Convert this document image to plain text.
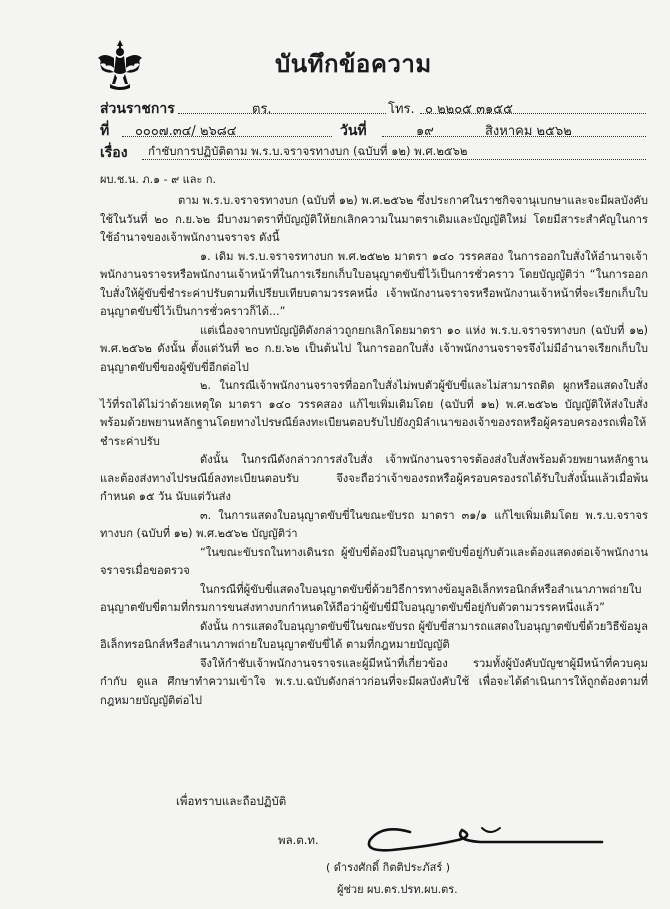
บันทึกข้อความ
ส่วนราชการ	ตร.	โทร. ๐ ๒๒๐๕ ๓๑๕๕
ที่ ๐๐๐๗.๓๔/ ๒๖๘๔	วันที่	๑๙	สิงหาคม ๒๕๖๒
เรื่อง กำชับการปฏิบัติตาม พ.ร.บ.จราจรทางบก (ฉบับที่ ๑๒) พ.ศ.๒๕๖๒
ผบ.ช.น. ภ.๑ - ๙ และ ก.

ตาม พ.ร.บ.จราจรทางบก (ฉบับที่ ๑๒) พ.ศ.๒๕๖๒ ซึ่งประกาศในราชกิจจานุเบกษาและจะมีผลบังคับใช้ในวันที่ ๒๐ ก.ย.๖๒ มีบางมาตราที่บัญญัติให้ยกเลิกความในมาตราเดิมและบัญญัติใหม่ โดยมีสาระสำคัญในการใช้อำนาจของเจ้าพนักงานจราจร ดังนี้

๑. เดิม พ.ร.บ.จราจรทางบก พ.ศ.๒๕๒๒ มาตรา ๑๔๐ วรรคสอง ในการออกใบสั่งให้อำนาจเจ้าพนักงานจราจรหรือพนักงานเจ้าหน้าที่ในการเรียกเก็บใบอนุญาตขับขี่ไว้เป็นการชั่วคราว โดยบัญญัติว่า “ในการออกใบสั่งให้ผู้ขับขี่ชำระค่าปรับตามที่เปรียบเทียบตามวรรคหนึ่ง เจ้าพนักงานจราจรหรือพนักงานเจ้าหน้าที่จะเรียกเก็บใบอนุญาตขับขี่ไว้เป็นการชั่วคราวก็ได้...”

แต่เนื่องจากบทบัญญัติดังกล่าวถูกยกเลิกโดยมาตรา ๑๐ แห่ง พ.ร.บ.จราจรทางบก (ฉบับที่ ๑๒) พ.ศ.๒๕๖๒ ดังนั้น ตั้งแต่วันที่ ๒๐ ก.ย.๖๒ เป็นต้นไป ในการออกใบสั่ง เจ้าพนักงานจราจรจึงไม่มีอำนาจเรียกเก็บใบอนุญาตขับขี่ของผู้ขับขี่อีกต่อไป

๒. ในกรณีเจ้าพนักงานจราจรที่ออกใบสั่งไม่พบตัวผู้ขับขี่และไม่สามารถติด ผูกหรือแสดงใบสั่งไว้ที่รถได้ไม่ว่าด้วยเหตุใด มาตรา ๑๔๐ วรรคสอง แก้ไขเพิ่มเติมโดย (ฉบับที่ ๑๒) พ.ศ.๒๕๖๒ บัญญัติให้ส่งใบสั่งพร้อมด้วยพยานหลักฐานโดยทางไปรษณีย์ลงทะเบียนตอบรับไปยังภูมิลำเนาของเจ้าของรถหรือผู้ครอบครองรถเพื่อให้ชำระค่าปรับ

ดังนั้น ในกรณีดังกล่าวการส่งใบสั่ง เจ้าพนักงานจราจรต้องส่งใบสั่งพร้อมด้วยพยานหลักฐาน และต้องส่งทางไปรษณีย์ลงทะเบียนตอบรับ จึงจะถือว่าเจ้าของรถหรือผู้ครอบครองรถได้รับใบสั่งนั้นแล้วเมื่อพ้นกำหนด ๑๕ วัน นับแต่วันส่ง

๓. ในการแสดงใบอนุญาตขับขี่ในขณะขับรถ มาตรา ๓๑/๑ แก้ไขเพิ่มเติมโดย พ.ร.บ.จราจรทางบก (ฉบับที่ ๑๒) พ.ศ.๒๕๖๒ บัญญัติว่า

“ในขณะขับรถในทางเดินรถ ผู้ขับขี่ต้องมีใบอนุญาตขับขี่อยู่กับตัวและต้องแสดงต่อเจ้าพนักงานจราจรเมื่อขอตรวจ

ในกรณีที่ผู้ขับขี่แสดงใบอนุญาตขับขี่ด้วยวิธีการทางข้อมูลอิเล็กทรอนิกส์หรือสำเนาภาพถ่ายใบอนุญาตขับขี่ตามที่กรมการขนส่งทางบกกำหนดให้ถือว่าผู้ขับขี่มีใบอนุญาตขับขี่อยู่กับตัวตามวรรคหนึ่งแล้ว”

ดังนั้น การแสดงใบอนุญาตขับขี่ในขณะขับรถ ผู้ขับขี่สามารถแสดงใบอนุญาตขับขี่ด้วยวิธีข้อมูลอิเล็กทรอนิกส์หรือสำเนาภาพถ่ายใบอนุญาตขับขี่ได้ ตามที่กฎหมายบัญญัติ

จึงให้กำชับเจ้าพนักงานจราจรและผู้มีหน้าที่เกี่ยวข้อง รวมทั้งผู้บังคับบัญชาผู้มีหน้าที่ควบคุม กำกับ ดูแล ศึกษาทำความเข้าใจ พ.ร.บ.ฉบับดังกล่าวก่อนที่จะมีผลบังคับใช้ เพื่อจะได้ดำเนินการให้ถูกต้องตามที่กฎหมายบัญญัติต่อไป

เพื่อทราบและถือปฏิบัติ
พล.ต.ท.
( ดำรงศักดิ์ กิตติประภัสร์ )
ผู้ช่วย ผบ.ตร.ปรท.ผบ.ตร.
